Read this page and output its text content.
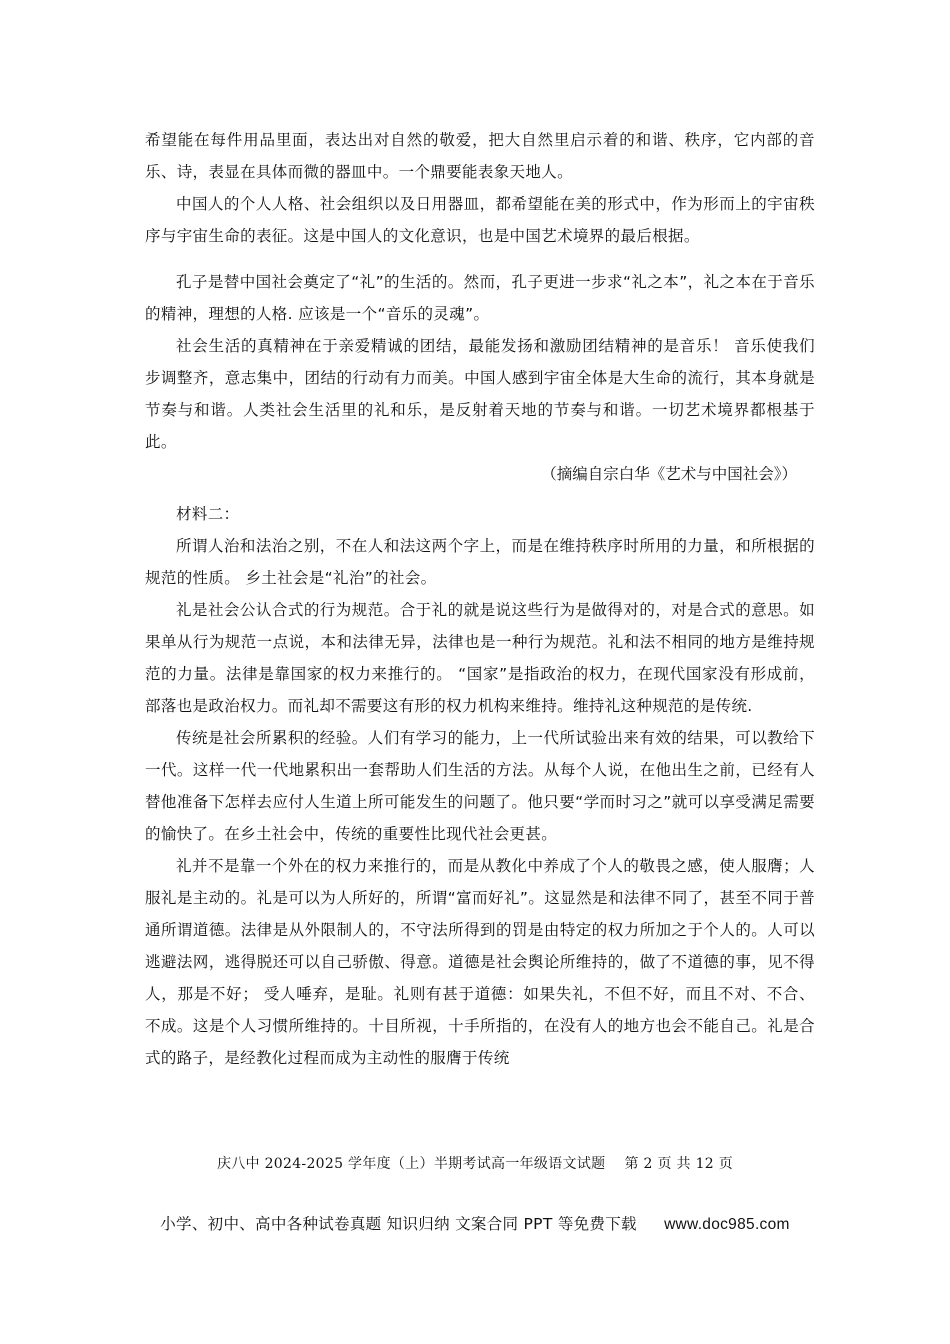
希望能在每件用品里面，表达出对自然的敬爱，把大自然里启示着的和谐、秩序，它内部的音乐、诗，表显在具体而微的器皿中。一个鼎要能表象天地人。

中国人的个人人格、社会组织以及日用器皿，都希望能在美的形式中，作为形而上的宇宙秩序与宇宙生命的表征。这是中国人的文化意识，也是中国艺术境界的最后根据。

孔子是替中国社会奠定了“礼”的生活的。然而，孔子更进一步求“礼之本”，礼之本在于音乐的精神，理想的人格. 应该是一个“音乐的灵魂”。

社会生活的真精神在于亲爱精诚的团结，最能发扬和激励团结精神的是音乐！ 音乐使我们步调整齐，意志集中，团结的行动有力而美。中国人感到宇宙全体是大生命的流行，其本身就是节奏与和谐。人类社会生活里的礼和乐，是反射着天地的节奏与和谐。一切艺术境界都根基于此。

（摘编自宗白华《艺术与中国社会》）

材料二：

所谓人治和法治之别，不在人和法这两个字上，而是在维持秩序时所用的力量，和所根据的规范的性质。 乡土社会是“礼治”的社会。

礼是社会公认合式的行为规范。合于礼的就是说这些行为是做得对的，对是合式的意思。如果单从行为规范一点说，本和法律无异，法律也是一种行为规范。礼和法不相同的地方是维持规范的力量。法律是靠国家的权力来推行的。 “国家”是指政治的权力，在现代国家没有形成前，部落也是政治权力。而礼却不需要这有形的权力机构来维持。维持礼这种规范的是传统.

传统是社会所累积的经验。人们有学习的能力，上一代所试验出来有效的结果，可以教给下一代。这样一代一代地累积出一套帮助人们生活的方法。从每个人说，在他出生之前，已经有人替他准备下怎样去应付人生道上所可能发生的问题了。他只要“学而时习之”就可以享受满足需要的愉快了。在乡土社会中，传统的重要性比现代社会更甚。

礼并不是靠一个外在的权力来推行的，而是从教化中养成了个人的敬畏之感，使人服膺；人服礼是主动的。礼是可以为人所好的，所谓“富而好礼”。这显然是和法律不同了，甚至不同于普通所谓道德。法律是从外限制人的，不守法所得到的罚是由特定的权力所加之于个人的。人可以逃避法网，逃得脱还可以自己骄傲、得意。道德是社会舆论所维持的，做了不道德的事，见不得人，那是不好； 受人唾弃，是耻。礼则有甚于道德：如果失礼，不但不好，而且不对、不合、不成。这是个人习惯所维持的。十目所视，十手所指的，在没有人的地方也会不能自己。礼是合式的路子，是经教化过程而成为主动性的服膺于传统

庆八中 2024-2025 学年度（上）半期考试高一年级语文试题　 第 2 页 共 12 页
小学、初中、高中各种试卷真题 知识归纳 文案合同 PPT 等免费下载 www.doc985.com
